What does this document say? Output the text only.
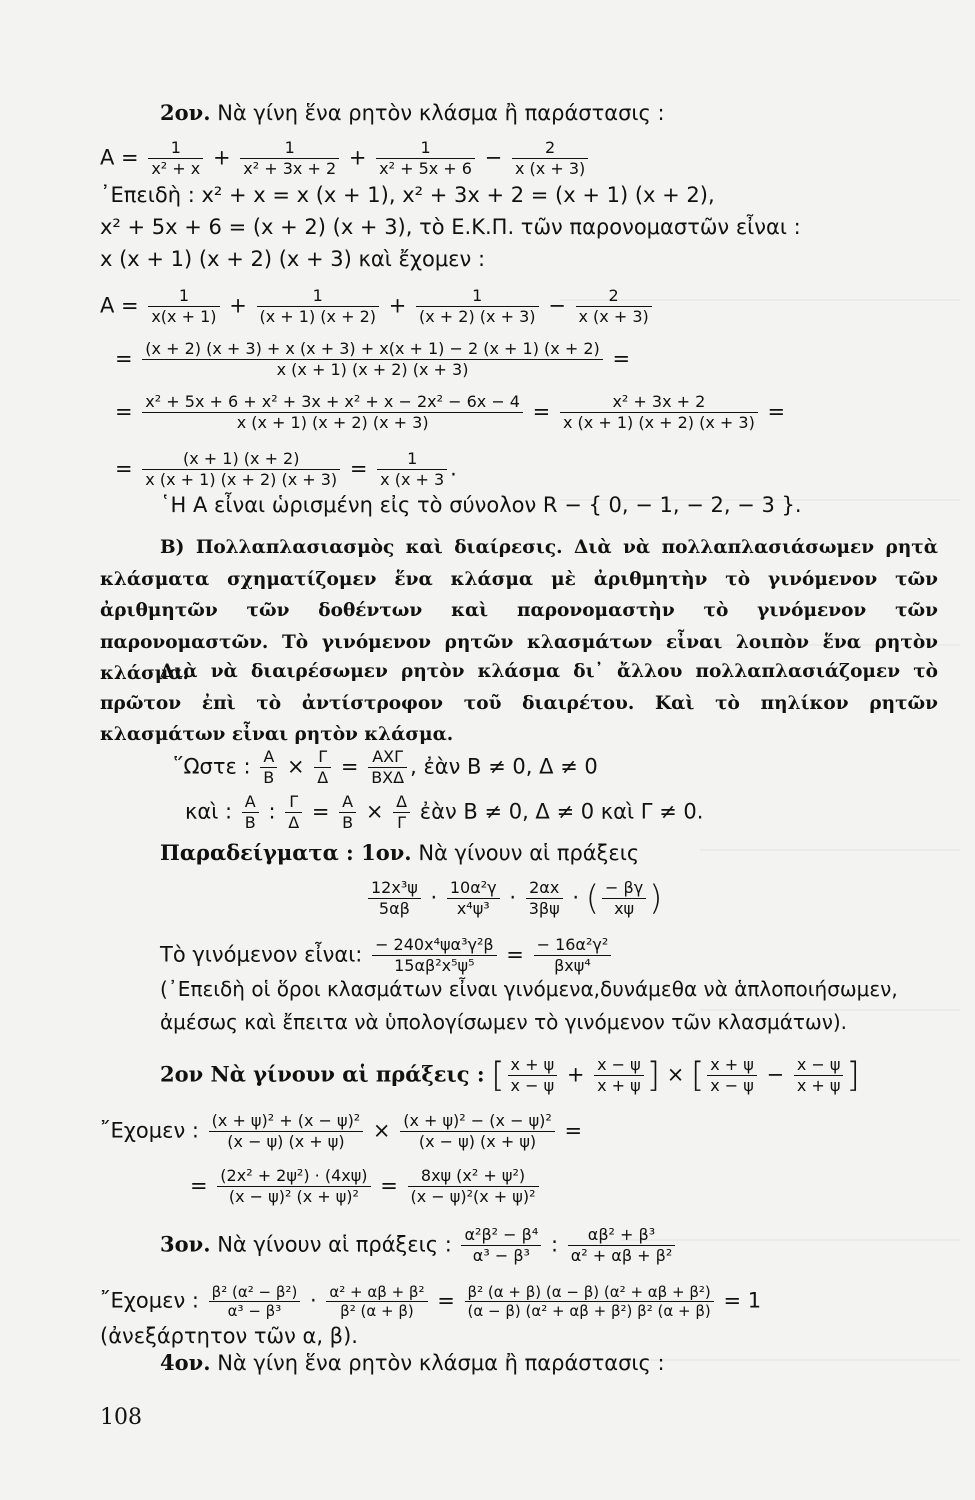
2ον. Νὰ γίνη ἕνα ρητὸν κλάσμα ἢ παράστασις :
$A = \frac{1}{\text{x² + x}} + \frac{1}{\text{x² + 3x + 2}} + \frac{1}{\text{x² + 5x + 6}} - \frac{2}{x (x + 3)}$
᾿Επειδὴ : x² + x = x (x + 1), x² + 3x + 2 = (x + 1) (x + 2),
x² + 5x + 6 = (x + 2) (x + 3), τὸ Ε.Κ.Π. τῶν παρονομαστῶν εἶναι :
x (x + 1) (x + 2) (x + 3) καὶ ἔχομεν :
$A = \frac{1}{x(x + 1)} + \frac{1}{(x + 1) (x + 2)} + \frac{1}{(x + 2) (x + 3)} - \frac{2}{x (x + 3)}$
= $\frac{(x + 2) (x + 3) + x (x + 3) + x(x + 1) - 2 (x + 1) (x + 2)}{x (x + 1) (x + 2) (x + 3)}$ =
= $\frac{\text{x² + 5x + 6 + x² + 3x + x² + x − 2x² − 6x − 4}}{x (x + 1) (x + 2) (x + 3)} = \frac{\text{x² + 3x + 2}}{x (x + 1) (x + 2) (x + 3)}$ =
= $\frac{(x + 1) (x + 2)}{x (x + 1) (x + 2) (x + 3)} = \frac{1}{x (x + 3}$ .
῾Η Α εἶναι ὡρισμένη εἰς τὸ σύνολον R − { 0, − 1, − 2, − 3 }.
Β) Πολλαπλασιασμὸς καὶ διαίρεσις. Διὰ νὰ πολλαπλασιάσωμεν ρητὰ κλάσματα σχηματίζομεν ἕνα κλάσμα μὲ ἀριθμητὴν τὸ γινόμενον τῶν ἀριθμητῶν τῶν δοθέντων καὶ παρονομαστὴν τὸ γινόμενον τῶν παρονομαστῶν. Τὸ γινόμενον ρητῶν κλασμάτων εἶναι λοιπὸν ἕνα ρητὸν κλάσμα.
Διὰ νὰ διαιρέσωμεν ρητὸν κλάσμα δι᾿ ἄλλου πολλαπλασιάζομεν τὸ πρῶτον ἐπὶ τὸ ἀντίστροφον τοῦ διαιρέτου. Καὶ τὸ πηλίκον ρητῶν κλασμάτων εἶναι ρητὸν κλάσμα.
῞Ωστε : $\frac{A}{B} \times \frac{\Gamma}{\Delta} = \frac{\text{ΑΧΓ}}{\text{ΒΧΔ}}$ , ἐὰν Β ≠ 0, Δ ≠ 0
καὶ : $\frac{A}{B}$ : $\frac{\Gamma}{\Delta} = \frac{A}{B} \times \frac{\Delta}{\Gamma}$ ἐὰν Β ≠ 0, Δ ≠ 0 καὶ Γ ≠ 0.
Παραδείγματα : 1ον. Νὰ γίνουν αἱ πράξεις
$\frac{\text{12x³ψ}}{5\alpha\beta} \cdot \frac{\text{10α²γ}}{\text{x⁴ψ³}} \cdot \frac{2\alpha x}{3\beta\psi}$ · ( $\frac{- \beta\gamma}{x\psi}$ )
Τὸ γινόμενον εἶναι: $\frac{\text{− 240x⁴ψα³γ²β}}{\text{15αβ²x⁵ψ⁵}} = \frac{\text{− 16α²γ²}}{\text{βxψ⁴}}$
(᾿Επειδὴ οἱ ὅροι κλασμάτων εἶναι γινόμενα,δυνάμεθα νὰ ἁπλοποιήσωμεν, ἀμέσως καὶ ἔπειτα νὰ ὑπολογίσωμεν τὸ γινόμενον τῶν κλασμάτων).
2ον Νὰ γίνουν αἱ πράξεις : [ $\frac{x + \psi}{x - \psi} + \frac{x - \psi}{x + \psi}$ ] × [ $\frac{x + \psi}{x - \psi} - \frac{x - \psi}{x + \psi}$ ]
῎Εχομεν : $\frac{\text{(x + ψ)² + (x − ψ)²}}{(x - \psi) (x + \psi)} \times \frac{\text{(x + ψ)² − (x − ψ)²}}{(x - \psi) (x + \psi)}$ =
= $\frac{\text{(2x² + 2ψ²) · (4xψ)}}{\text{(x − ψ)² (x + ψ)²}} = \frac{\text{8xψ (x² + ψ²)}}{\text{(x − ψ)²(x + ψ)²}}$
3ον. Νὰ γίνουν αἱ πράξεις : $\frac{\text{α²β² − β⁴}}{\text{α³ − β³}}$ : $\frac{\text{αβ² + β³}}{\text{α² + αβ + β²}}$
῎Εχομεν : $\frac{\text{β² (α² − β²)}}{\text{α³ − β³}} \cdot \frac{\text{α² + αβ + β²}}{\text{β² (α + β)}} = \frac{\text{β² (α + β) (α − β) (α² + αβ + β²)}}{\text{(α − β) (α² + αβ + β²) β² (α + β)}} = 1$
(ἀνεξάρτητον τῶν α, β).
4ον. Νὰ γίνη ἕνα ρητὸν κλάσμα ἢ παράστασις :
108
